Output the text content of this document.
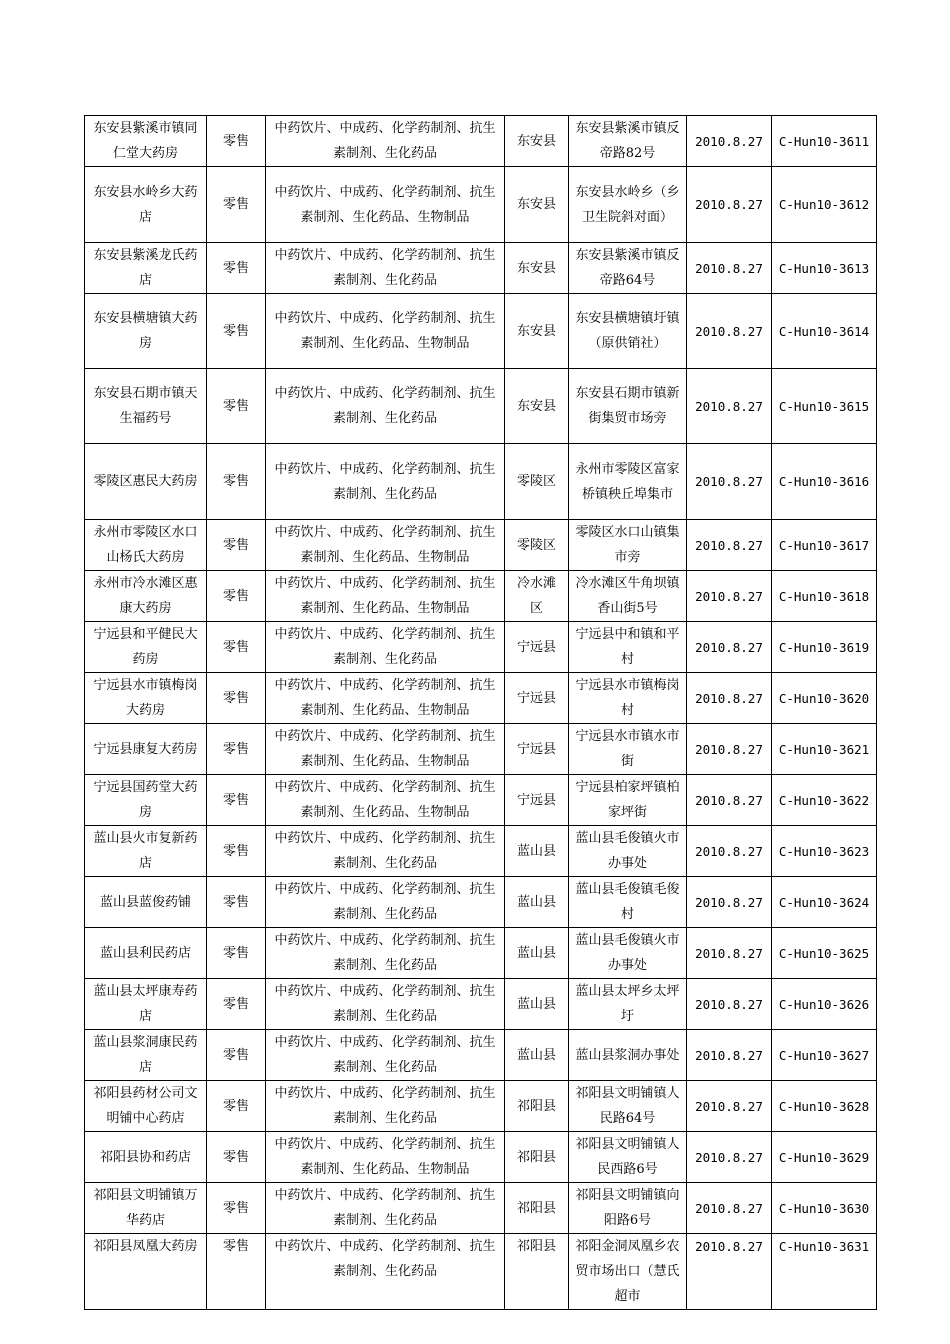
东安县紫溪市镇同仁堂大药房	零售	中药饮片、中成药、化学药制剂、抗生素制剂、生化药品	东安县	东安县紫溪市镇反帝路82号	2010.8.27	C-Hun10-3611
东安县水岭乡大药店	零售	中药饮片、中成药、化学药制剂、抗生素制剂、生化药品、生物制品	东安县	东安县水岭乡（乡卫生院斜对面）	2010.8.27	C-Hun10-3612
东安县紫溪龙氏药店	零售	中药饮片、中成药、化学药制剂、抗生素制剂、生化药品	东安县	东安县紫溪市镇反帝路64号	2010.8.27	C-Hun10-3613
东安县横塘镇大药房	零售	中药饮片、中成药、化学药制剂、抗生素制剂、生化药品、生物制品	东安县	东安县横塘镇圩镇（原供销社）	2010.8.27	C-Hun10-3614
东安县石期市镇天生福药号	零售	中药饮片、中成药、化学药制剂、抗生素制剂、生化药品	东安县	东安县石期市镇新街集贸市场旁	2010.8.27	C-Hun10-3615
零陵区惠民大药房	零售	中药饮片、中成药、化学药制剂、抗生素制剂、生化药品	零陵区	永州市零陵区富家桥镇秧丘埠集市	2010.8.27	C-Hun10-3616
永州市零陵区水口山杨氏大药房	零售	中药饮片、中成药、化学药制剂、抗生素制剂、生化药品、生物制品	零陵区	零陵区水口山镇集市旁	2010.8.27	C-Hun10-3617
永州市冷水滩区惠康大药房	零售	中药饮片、中成药、化学药制剂、抗生素制剂、生化药品、生物制品	冷水滩区	冷水滩区牛角坝镇香山街5号	2010.8.27	C-Hun10-3618
宁远县和平健民大药房	零售	中药饮片、中成药、化学药制剂、抗生素制剂、生化药品	宁远县	宁远县中和镇和平村	2010.8.27	C-Hun10-3619
宁远县水市镇梅岗大药房	零售	中药饮片、中成药、化学药制剂、抗生素制剂、生化药品、生物制品	宁远县	宁远县水市镇梅岗村	2010.8.27	C-Hun10-3620
宁远县康复大药房	零售	中药饮片、中成药、化学药制剂、抗生素制剂、生化药品、生物制品	宁远县	宁远县水市镇水市街	2010.8.27	C-Hun10-3621
宁远县国药堂大药房	零售	中药饮片、中成药、化学药制剂、抗生素制剂、生化药品、生物制品	宁远县	宁远县柏家坪镇柏家坪街	2010.8.27	C-Hun10-3622
蓝山县火市复新药店	零售	中药饮片、中成药、化学药制剂、抗生素制剂、生化药品	蓝山县	蓝山县毛俊镇火市办事处	2010.8.27	C-Hun10-3623
蓝山县蓝俊药铺	零售	中药饮片、中成药、化学药制剂、抗生素制剂、生化药品	蓝山县	蓝山县毛俊镇毛俊村	2010.8.27	C-Hun10-3624
蓝山县利民药店	零售	中药饮片、中成药、化学药制剂、抗生素制剂、生化药品	蓝山县	蓝山县毛俊镇火市办事处	2010.8.27	C-Hun10-3625
蓝山县太坪康寿药店	零售	中药饮片、中成药、化学药制剂、抗生素制剂、生化药品	蓝山县	蓝山县太坪乡太坪圩	2010.8.27	C-Hun10-3626
蓝山县浆洞康民药店	零售	中药饮片、中成药、化学药制剂、抗生素制剂、生化药品	蓝山县	蓝山县浆洞办事处	2010.8.27	C-Hun10-3627
祁阳县药材公司文明铺中心药店	零售	中药饮片、中成药、化学药制剂、抗生素制剂、生化药品	祁阳县	祁阳县文明铺镇人民路64号	2010.8.27	C-Hun10-3628
祁阳县协和药店	零售	中药饮片、中成药、化学药制剂、抗生素制剂、生化药品、生物制品	祁阳县	祁阳县文明铺镇人民西路6号	2010.8.27	C-Hun10-3629
祁阳县文明铺镇万华药店	零售	中药饮片、中成药、化学药制剂、抗生素制剂、生化药品	祁阳县	祁阳县文明铺镇向阳路6号	2010.8.27	C-Hun10-3630
祁阳县凤凰大药房	零售	中药饮片、中成药、化学药制剂、抗生素制剂、生化药品	祁阳县	祁阳金洞凤凰乡农贸市场出口（慧氏超市	2010.8.27	C-Hun10-3631
